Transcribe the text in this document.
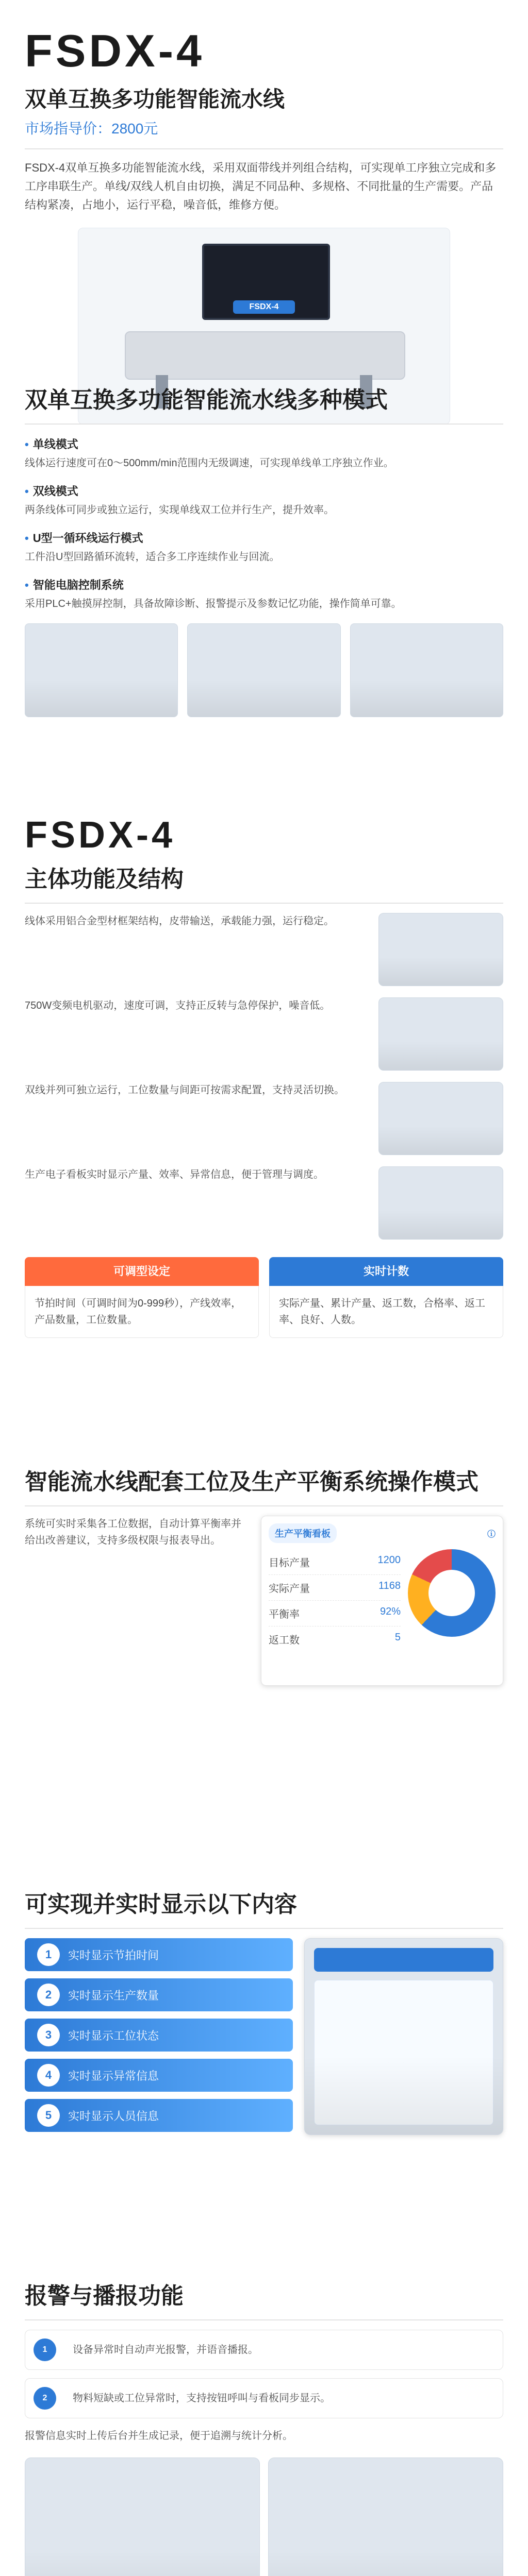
FSDX-4
双单互换多功能智能流水线
市场指导价：2800元

FSDX-4双单互换多功能智能流水线，采用双面带线并列组合结构，可实现单工序独立完成和多工序串联生产。单线/双线人机自由切换，满足不同品种、多规格、不同批量的生产需要。产品结构紧凑，占地小，运行平稳，噪音低，维修方便。

FSDX-4
双单互换多功能智能流水线多种模式
• 单线模式

线体运行速度可在0～500mm/min范围内无级调速，可实现单线单工序独立作业。

• 双线模式

两条线体可同步或独立运行，实现单线双工位并行生产，提升效率。

• U型一循环线运行模式

工件沿U型回路循环流转，适合多工序连续作业与回流。

• 智能电脑控制系统

采用PLC+触摸屏控制，具备故障诊断、报警提示及参数记忆功能，操作简单可靠。

FSDX-4
主体功能及结构

线体采用铝合金型材框架结构，皮带输送，承载能力强，运行稳定。

750W变频电机驱动，速度可调，支持正反转与急停保护，噪音低。

双线并列可独立运行，工位数量与间距可按需求配置，支持灵活切换。

生产电子看板实时显示产量、效率、异常信息，便于管理与调度。

可调型设定
节拍时间（可调时间为0-999秒），产线效率，产品数量，工位数量。
实时计数
实际产量、累计产量、返工数，合格率、返工率、良好、人数。
智能流水线配套工位及生产平衡系统操作模式

系统可实时采集各工位数据，自动计算平衡率并给出改善建议，支持多级权限与报表导出。

生产平衡看板	ⓘ
目标产量	1200
实际产量	1168
平衡率	92%
返工数	5
可实现并实时显示以下内容
1	实时显示节拍时间
2	实时显示生产数量
3	实时显示工位状态
4	实时显示异常信息
5	实时显示人员信息
报警与播报功能
1	设备异常时自动声光报警，并语音播报。
2	物料短缺或工位异常时，支持按钮呼叫与看板同步显示。

报警信息实时上传后台并生成记录，便于追溯与统计分析。
